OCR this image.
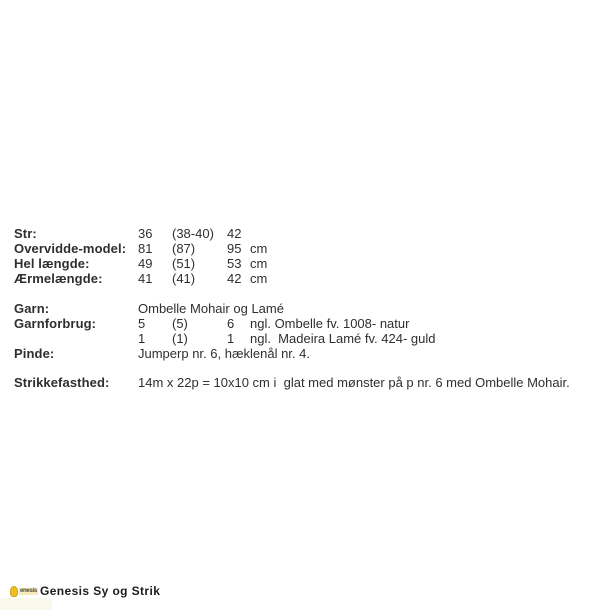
Str:	36	(38-40)	42
Overvidde-model: 81	(87)	95 cm
Hel længde:	49	(51)	53 cm
Ærmelængde:	41	(41)	42 cm
Garn:	Ombelle Mohair og Lamé
Garnforbrug:	5	(5)	6	ngl. Ombelle fv. 1008- natur
1	(1)	1	ngl.  Madeira Lamé fv. 424- guld
Pinde:	Jumperp nr. 6, hæklenål nr. 4.
Strikkefasthed:	14m x 22p = 10x10 cm i  glat med mønster på p nr. 6 med Ombelle Mohair.
enesis Genesis Sy og Strik
